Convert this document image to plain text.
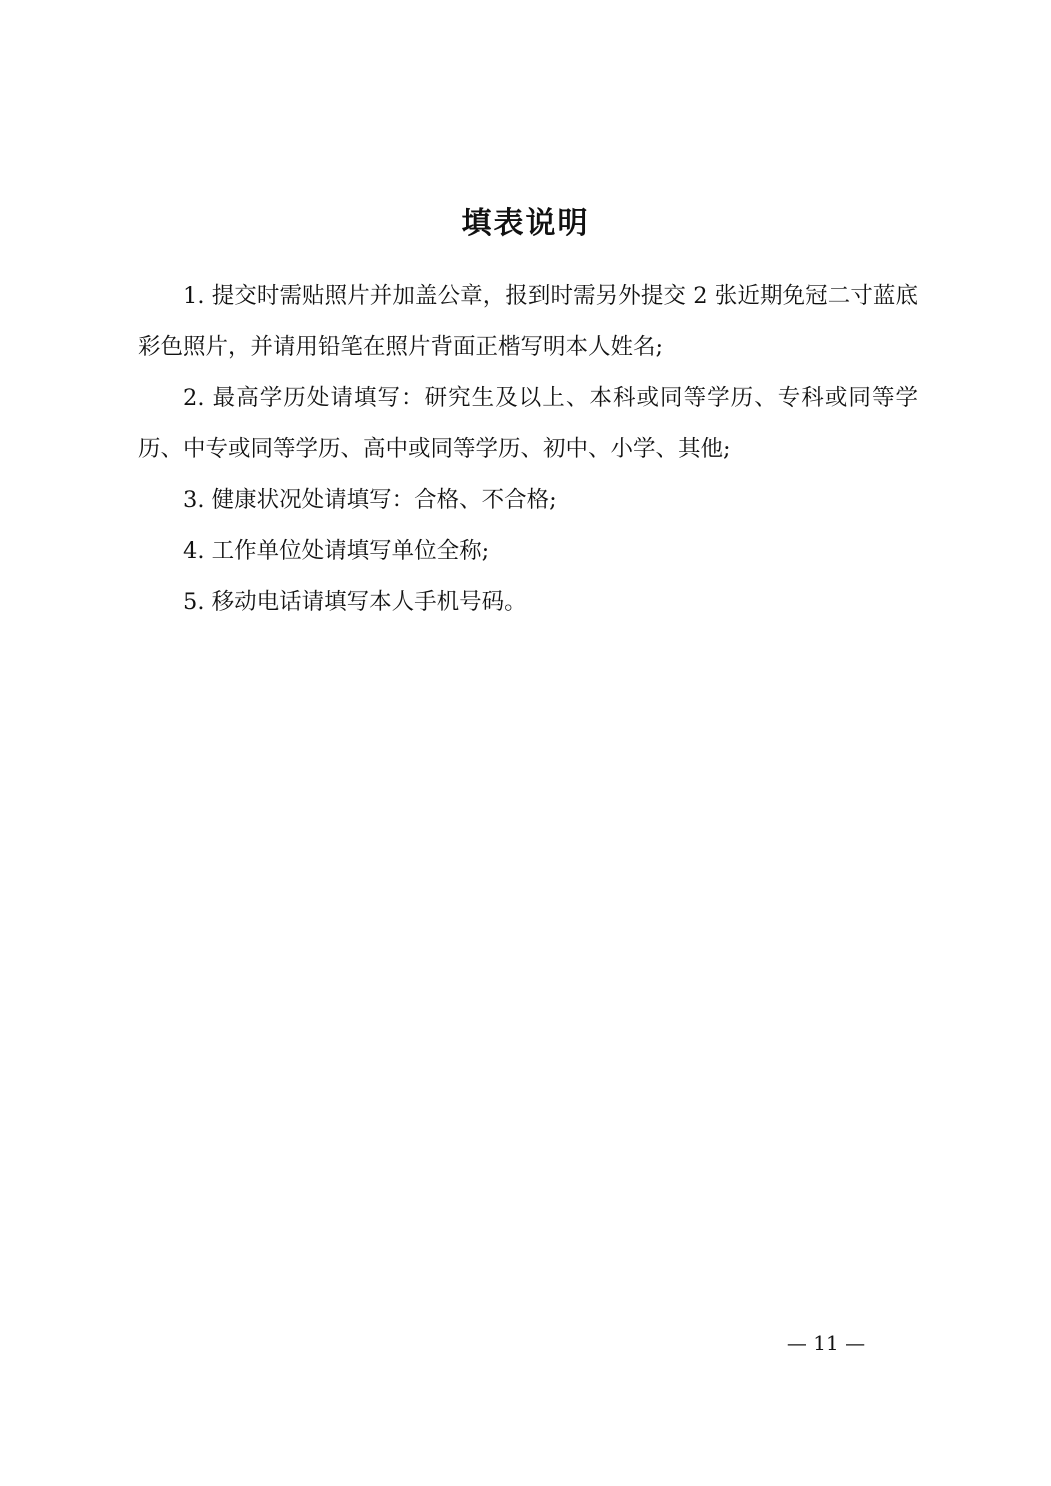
填表说明

1. 提交时需贴照片并加盖公章，报到时需另外提交 2 张近期免冠二寸蓝底彩色照片，并请用铅笔在照片背面正楷写明本人姓名;

2. 最高学历处请填写：研究生及以上、本科或同等学历、专科或同等学历、中专或同等学历、高中或同等学历、初中、小学、其他;

3. 健康状况处请填写：合格、不合格;

4. 工作单位处请填写单位全称;

5. 移动电话请填写本人手机号码。

— 11 —
